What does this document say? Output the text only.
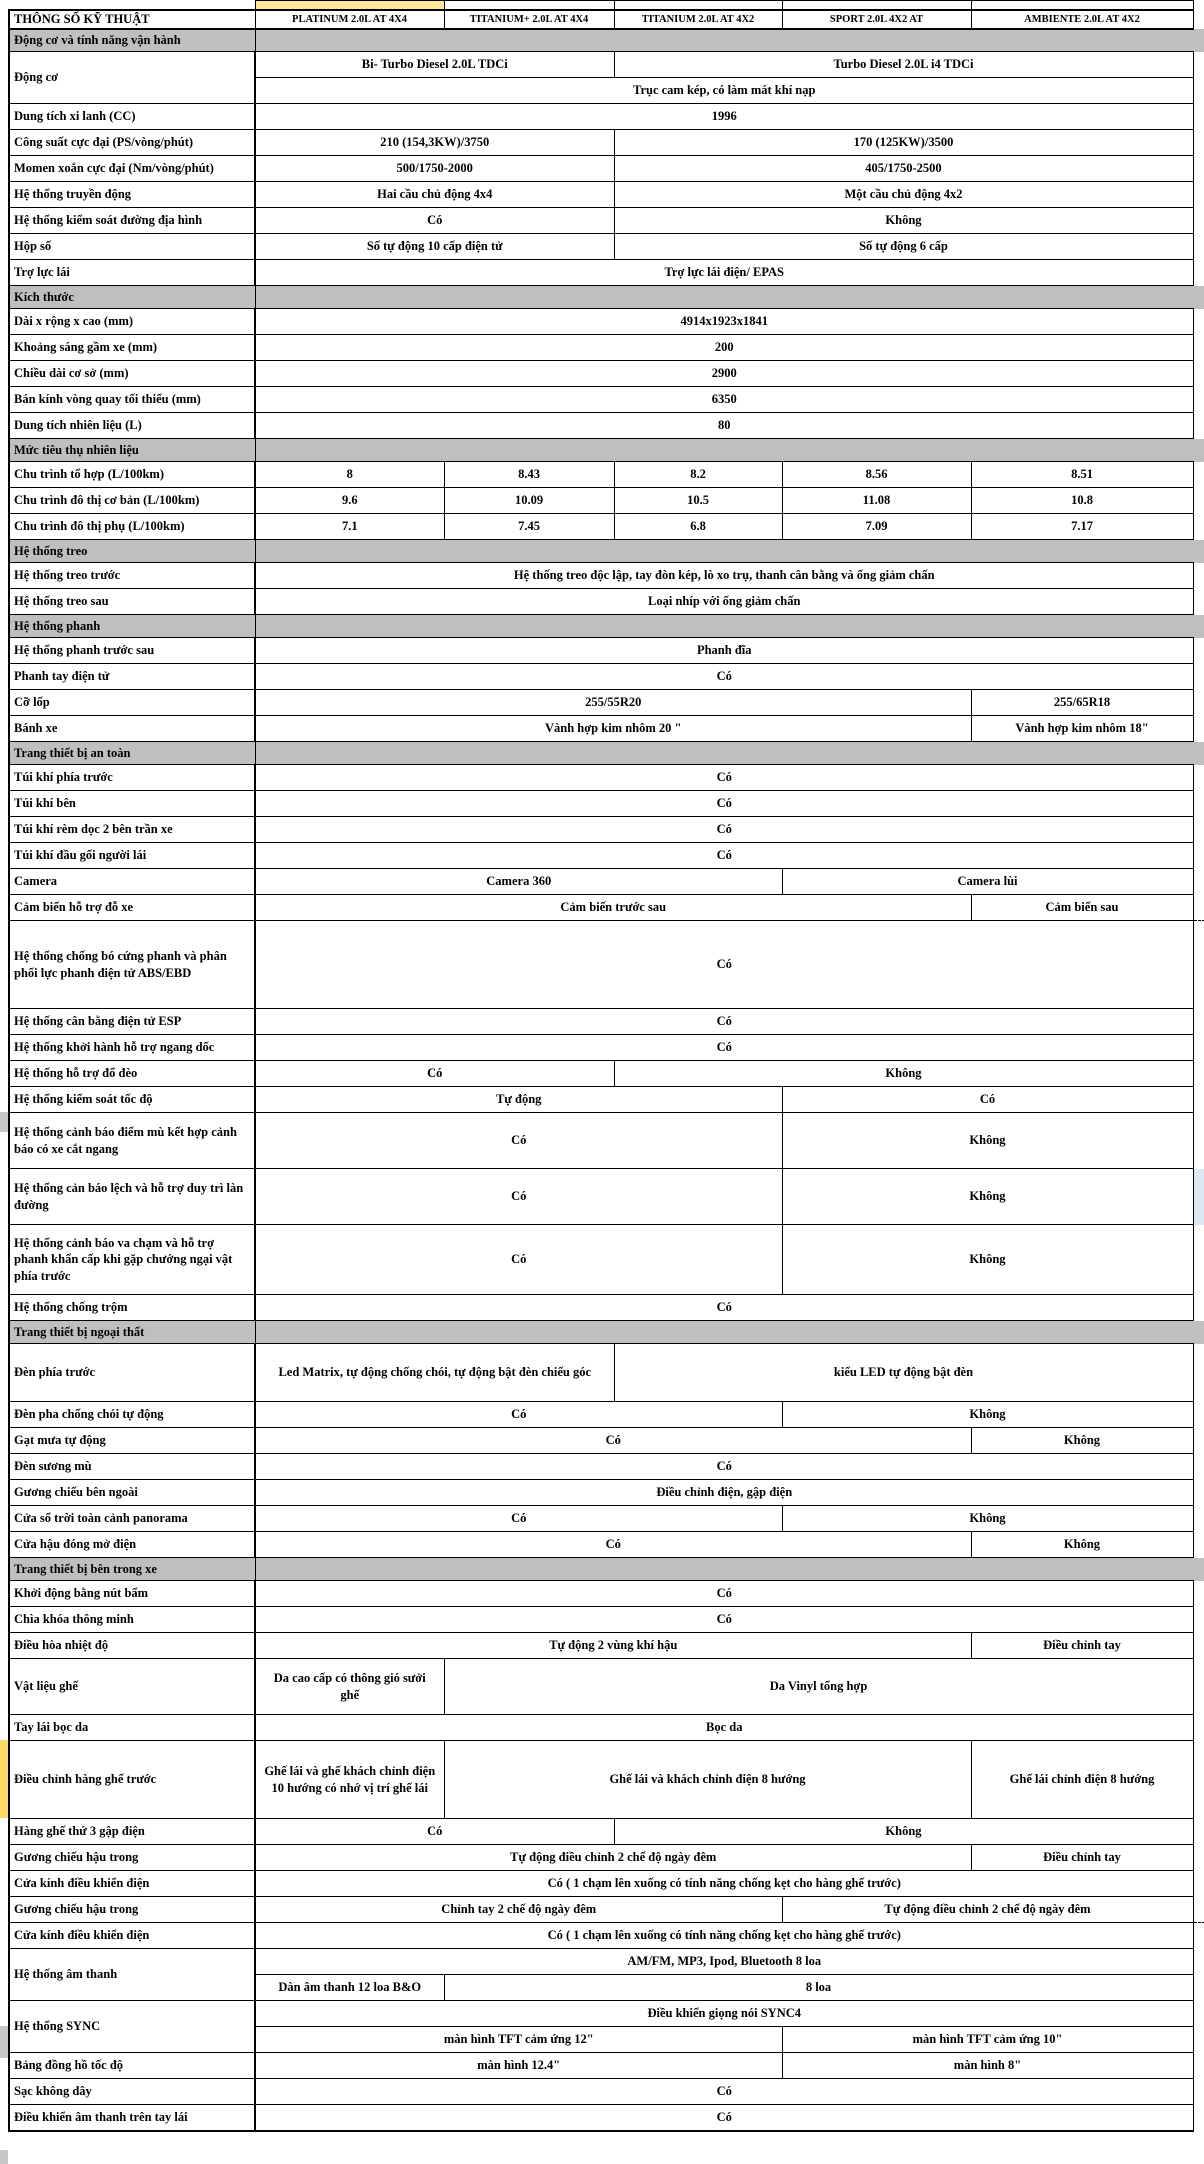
THÔNG SỐ KỸ THUẬT	PLATINUM 2.0L AT 4X4	TITANIUM+ 2.0L AT 4X4	TITANIUM 2.0L AT 4X2	SPORT 2.0L 4X2 AT	AMBIENTE 2.0L AT 4X2	
Động cơ và tính năng vận hành						
Động cơ	Bi- Turbo Diesel 2.0L TDCi		Turbo Diesel 2.0L i4 TDCi			
	Trục cam kép, có làm mát khí nạp					
Dung tích xi lanh (CC)	1996					
Công suất cực đại (PS/vòng/phút)	210 (154,3KW)/3750		170 (125KW)/3500			
Momen xoắn cực đại (Nm/vòng/phút)	500/1750-2000		405/1750-2500			
Hệ thống truyền động	Hai cầu chủ động 4x4		Một cầu chủ động 4x2			
Hệ thống kiểm soát đường địa hình	Có		Không			
Hộp số	Số tự động 10 cấp điện tử		Số tự động 6 cấp			
Trợ lực lái	Trợ lực lái điện/ EPAS					
Kích thước						
Dài x rộng x cao (mm)	4914x1923x1841					
Khoảng sáng gầm xe (mm)	200					
Chiều dài cơ sở (mm)	2900					
Bán kính vòng quay tối thiểu (mm)	6350					
Dung tích nhiên liệu (L)	80					
Mức tiêu thụ nhiên liệu						
Chu trình tổ hợp (L/100km)	8	8.43	8.2	8.56	8.51	
Chu trình đô thị cơ bản (L/100km)	9.6	10.09	10.5	11.08	10.8	
Chu trình đô thị phụ (L/100km)	7.1	7.45	6.8	7.09	7.17	
Hệ thống treo						
Hệ thống treo trước	Hệ thống treo độc lập, tay đòn kép, lò xo trụ, thanh cân bằng và ống giảm chấn					
Hệ thống treo sau	Loại nhíp với ống giảm chấn					
Hệ thống phanh						
Hệ thống phanh trước sau	Phanh đĩa					
Phanh tay điện tử	Có					
Cỡ lốp	255/55R20				255/65R18	
Bánh xe	Vành hợp kim nhôm 20 "				Vành hợp kim nhôm 18"	
Trang thiết bị an toàn						
Túi khí phía trước	Có					
Túi khí bên	Có					
Túi khí rèm dọc 2 bên trần xe	Có					
Túi khí đầu gối người lái	Có					
Camera	Camera 360			Camera lùi		
Cảm biến hỗ trợ đỗ xe	Cảm biến trước sau				Cảm biến sau	
Hệ thống chống bó cứng phanh và phân phối lực phanh điện tử ABS/EBD	Có					
Hệ thống cân bằng điện tử ESP	Có					
Hệ thống khởi hành hỗ trợ ngang dốc	Có					
Hệ thống hỗ trợ đổ đèo	Có		Không			
Hệ thống kiểm soát tốc độ	Tự động			Có		
Hệ thống cảnh báo điểm mù kết hợp cảnh báo có xe cắt ngang	Có			Không		
Hệ thống cản báo lệch và hỗ trợ duy trì làn đường	Có			Không		
Hệ thống cảnh báo va chạm và hỗ trợ phanh khẩn cấp khi gặp chướng ngại vật phía trước	Có			Không		
Hệ thống chống trộm	Có					
Trang thiết bị ngoại thất						
Đèn phía trước	Led Matrix, tự động chống chói, tự động bật đèn chiếu góc		kiểu LED tự động bật đèn			
Đèn pha chống chói tự động	Có			Không		
Gạt mưa tự động	Có				Không	
Đèn sương mù	Có					
Gương chiếu bên ngoài	Điều chỉnh điện, gập điện					
Cửa sổ trời toàn cảnh panorama	Có			Không		
Cửa hậu đóng mở điện	Có				Không	
Trang thiết bị bên trong xe						
Khởi động bằng nút bấm	Có					
Chìa khóa thông minh	Có					
Điều hòa nhiệt độ	Tự động 2 vùng khí hậu				Điều chỉnh tay	
Vật liệu ghế	Da cao cấp có thông gió sưởi ghế	Da Vinyl tổng hợp				
Tay lái bọc da	Bọc da					
Điều chỉnh hàng ghế trước	Ghế lái và ghế khách chỉnh điện 10 hướng có nhớ vị trí ghế lái	Ghế lái và khách chỉnh điện 8 hướng			Ghế lái chỉnh điện 8 hướng	
Hàng ghế thứ 3 gập điện	Có		Không			
Gương chiếu hậu trong	Tự động điều chỉnh 2 chế độ ngày đêm				Điều chỉnh tay	
Cửa kính điều khiển điện	Có ( 1 chạm lên xuống có tính năng chống kẹt cho hàng ghế trước)					
Gương chiếu hậu trong	Chỉnh tay 2 chế độ ngày đêm			Tự động điều chỉnh 2 chế độ ngày đêm		
Cửa kính điều khiển điện	Có ( 1 chạm lên xuống có tính năng chống kẹt cho hàng ghế trước)					
Hệ thống âm thanh	AM/FM, MP3, Ipod, Bluetooth 8 loa					
	Dàn âm thanh 12 loa B&O	8 loa				
Hệ thống SYNC	Điều khiển giọng nói SYNC4					
	màn hình TFT cảm ứng 12"			màn hình TFT cảm ứng 10"		
Bảng đồng hồ tốc độ	màn hình 12.4"			màn hình 8"		
Sạc không dây	Có					
Điều khiển âm thanh trên tay lái	Có					
